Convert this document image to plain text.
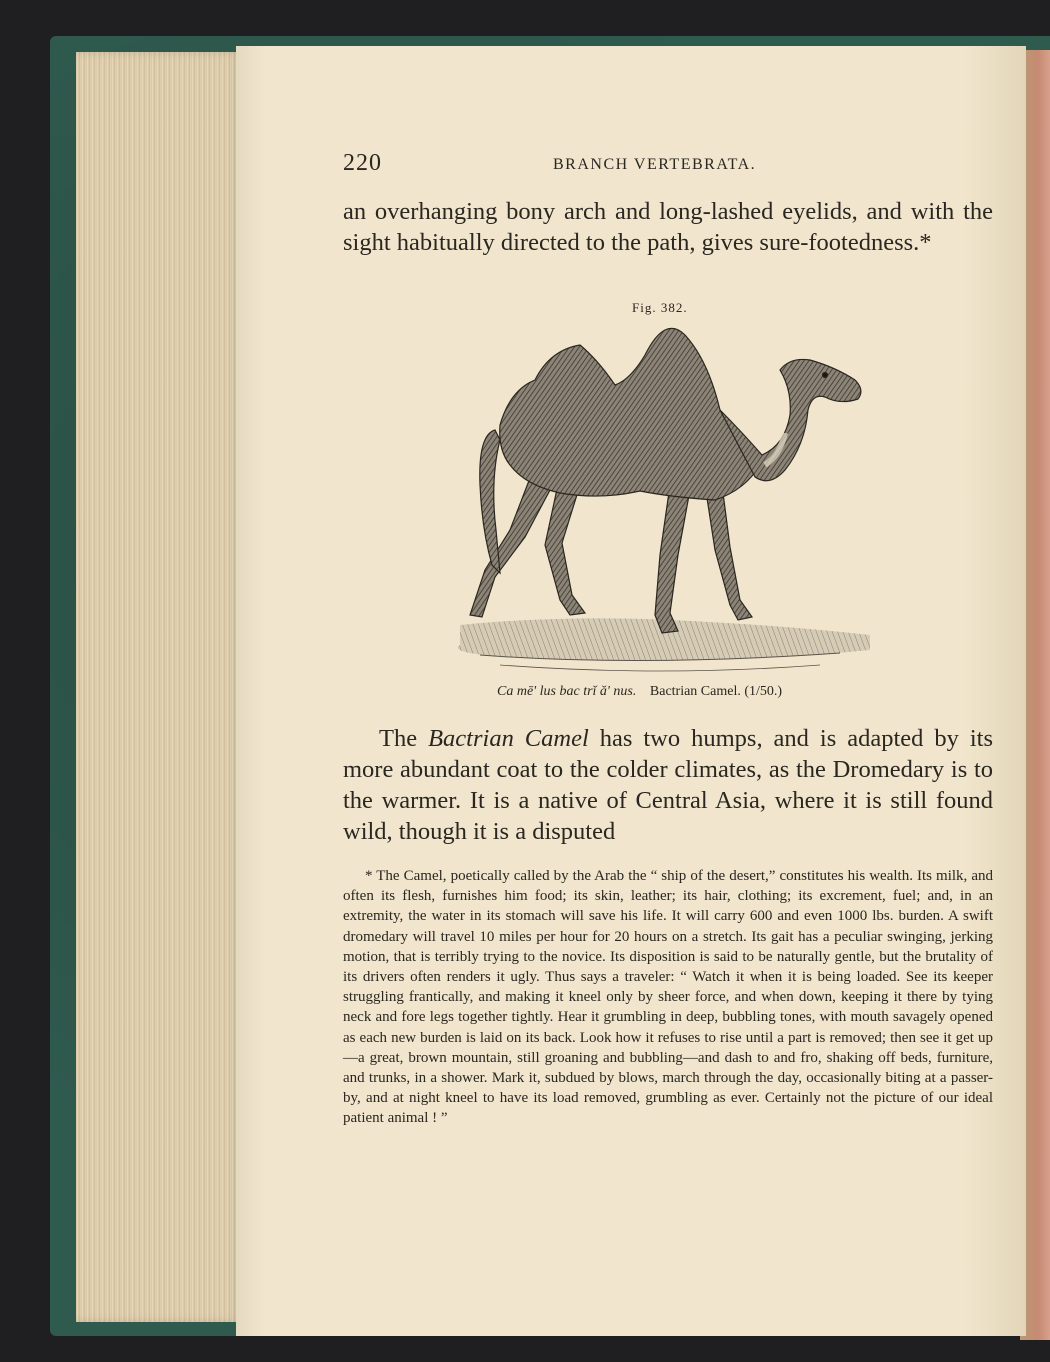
220	BRANCH VERTEBRATA.

an overhanging bony arch and long-lashed eyelids, and with the sight habitually directed to the path, gives sure-footedness.*

Fig. 382.
Ca mē' lus bac trĭ ă' nus. Bactrian Camel. (1/50.)

The Bactrian Camel has two humps, and is adapted by its more abundant coat to the colder climates, as the Dromedary is to the warmer. It is a native of Central Asia, where it is still found wild, though it is a disputed

* The Camel, poetically called by the Arab the “ ship of the desert,” constitutes his wealth. Its milk, and often its flesh, furnishes him food; its skin, leather; its hair, clothing; its excrement, fuel; and, in an extremity, the water in its stomach will save his life. It will carry 600 and even 1000 lbs. burden. A swift dromedary will travel 10 miles per hour for 20 hours on a stretch. Its gait has a peculiar swinging, jerking motion, that is terribly trying to the novice. Its disposition is said to be naturally gentle, but the brutality of its drivers often renders it ugly. Thus says a traveler: “ Watch it when it is being loaded. See its keeper struggling frantically, and making it kneel only by sheer force, and when down, keeping it there by tying neck and fore legs together tightly. Hear it grumbling in deep, bubbling tones, with mouth savagely opened as each new burden is laid on its back. Look how it refuses to rise until a part is removed; then see it get up —a great, brown mountain, still groaning and bubbling—and dash to and fro, shaking off beds, furniture, and trunks, in a shower. Mark it, subdued by blows, march through the day, occasionally biting at a passer-by, and at night kneel to have its load removed, grumbling as ever. Certainly not the picture of our ideal patient animal ! ”
